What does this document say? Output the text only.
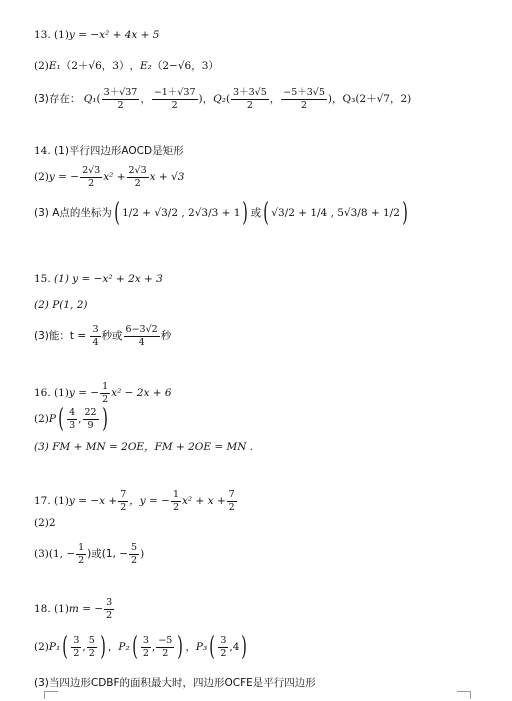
13.
(1) y = −x² + 4x + 5
(2) E₁ （2＋√6，3） ， E₂ （2−√6，3）
(3)存在：
Q₁ ( $\frac{3+√37}{2}$ ， $\frac{-1+√37}{2}$ )， Q₂ ( $\frac{3+3√5}{2}$ ， $\frac{-5+3√5}{2}$ )， Q₃(2＋√7，2)
14.
(1)平行四边形AOCD是矩形
(2) y = − $\frac{2√3}{2} x^2 + \frac{2√3}{2}$ x + √3
(3) A点的坐标为 ( 1/2 + √3/2 , 2√3/3 + 1 ) 或 ( √3/2 + 1/4 , 5√3/8 + 1/2 )
15.
(1) y = −x² + 2x + 3
(2) P(1, 2)
(3)能：t =
$\frac{3}{4}$ 秒或 $\frac{6-3√2}{4}$ 秒
16.
(1) y = − $\frac{1}{2} x^2 - 2x + 6$
(2) P ( $\frac{4}{3}$ , $\frac{22}{9}$ )
(3) FM + MN = 2OE，FM + 2OE = MN .
17.
(1) $y = -x + \frac{7}{2}$ ，y = − $\frac{1}{2} x^2 + x + \frac{7}{2}$
(2)2
(3) (1, − $\frac{1}{2}$ )或(1, − $\frac{5}{2}$ )
18.
(1) m = − $\frac{3}{2}$
(2) P₁ ( $\frac{3}{2}$ , $\frac{5}{2}$ ) ， P₂ ( $\frac{3}{2}$ , $\frac{-5}{2}$ ) ， P₃ ( $\frac{3}{2}$ , 4 )
(3)当四边形CDBF的面积最大时，四边形OCFE是平行四边形
